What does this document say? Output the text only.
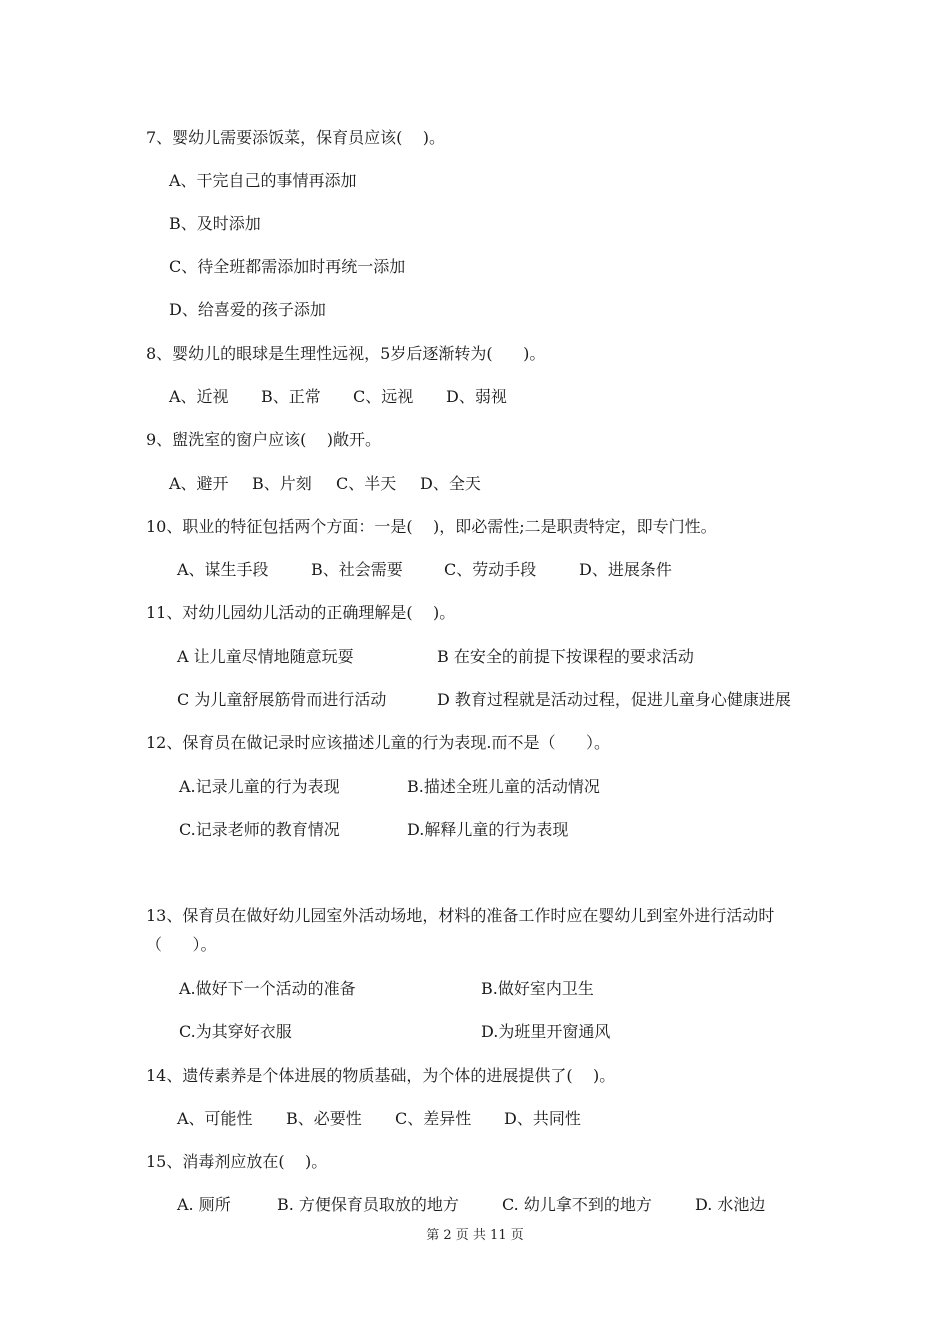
7、婴幼儿需要添饭菜，保育员应该(    )。
A、干完自己的事情再添加
B、及时添加
C、待全班都需添加时再统一添加
D、给喜爱的孩子添加
8、婴幼儿的眼球是生理性远视，5岁后逐渐转为(      )。
A、近视 B、正常 C、远视 D、弱视
9、盥洗室的窗户应该(    )敞开。
A、避开 B、片刻 C、半天 D、全天
10、职业的特征包括两个方面：一是(    )，即必需性;二是职责特定，即专门性。
A、谋生手段	B、社会需要	C、劳动手段	D、进展条件
11、对幼儿园幼儿活动的正确理解是(    )。
A 让儿童尽情地随意玩耍	B 在安全的前提下按课程的要求活动
C 为儿童舒展筋骨而进行活动	D 教育过程就是活动过程，促进儿童身心健康进展
12、保育员在做记录时应该描述儿童的行为表现.而不是（      ）。
A.记录儿童的行为表现	B.描述全班儿童的活动情况
C.记录老师的教育情况	D.解释儿童的行为表现
13、保育员在做好幼儿园室外活动场地，材料的准备工作时应在婴幼儿到室外进行活动时
（      ）。
A.做好下一个活动的准备	B.做好室内卫生
C.为其穿好衣服	D.为班里开窗通风
14、遗传素养是个体进展的物质基础，为个体的进展提供了(    )。
A、可能性 B、必要性 C、差异性 D、共同性
15、消毒剂应放在(    )。
A. 厕所	B. 方便保育员取放的地方	C. 幼儿拿不到的地方	D. 水池边
第 2 页 共 11 页
